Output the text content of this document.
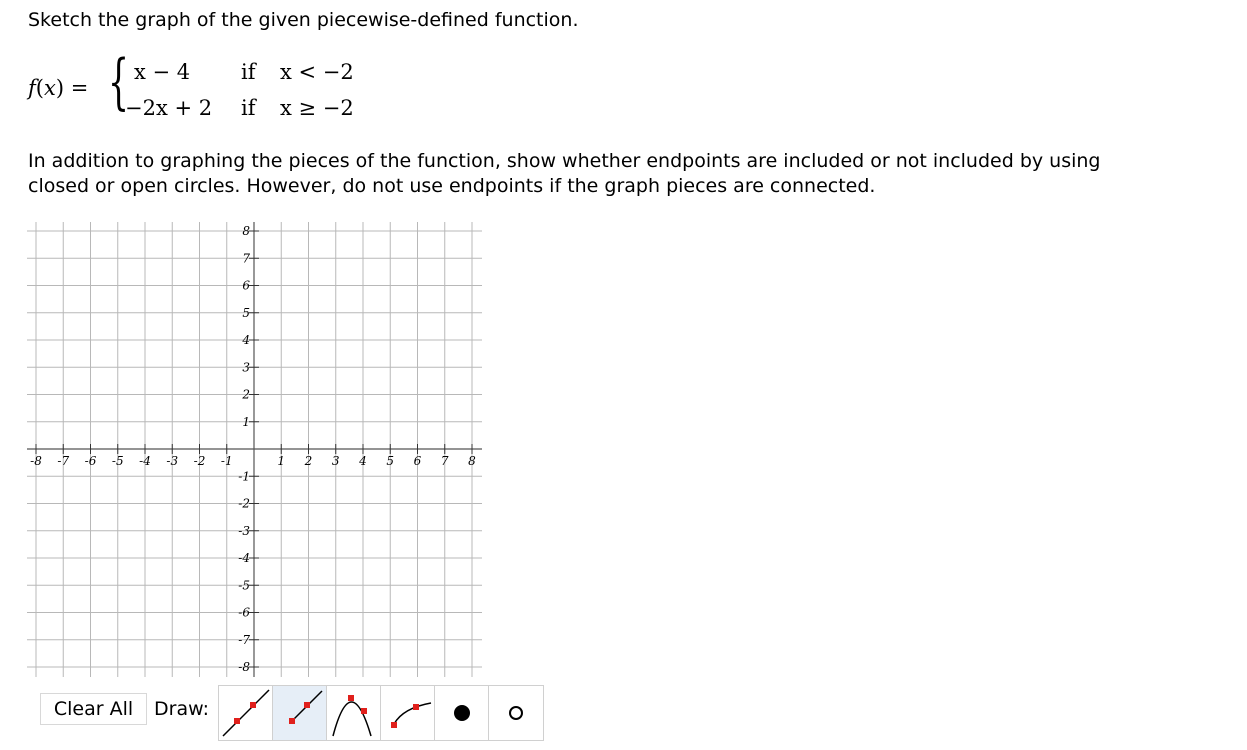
Sketch the graph of the given piecewise-defined function.
f(x) = { x − 4 if x < −2
−2x + 2 if x ≥ −2
In addition to graphing the pieces of the function, show whether endpoints are included or not included by using closed or open circles. However, do not use endpoints if the graph pieces are connected.
-8 -7 -6 -5 -4 -3 -2 -1	1 2 3 4 5 6 7 8
8
7
6
5
4
3
2
1
-1
-2
-3
-4
-5
-6
-7
-8
Clear All	Draw:
